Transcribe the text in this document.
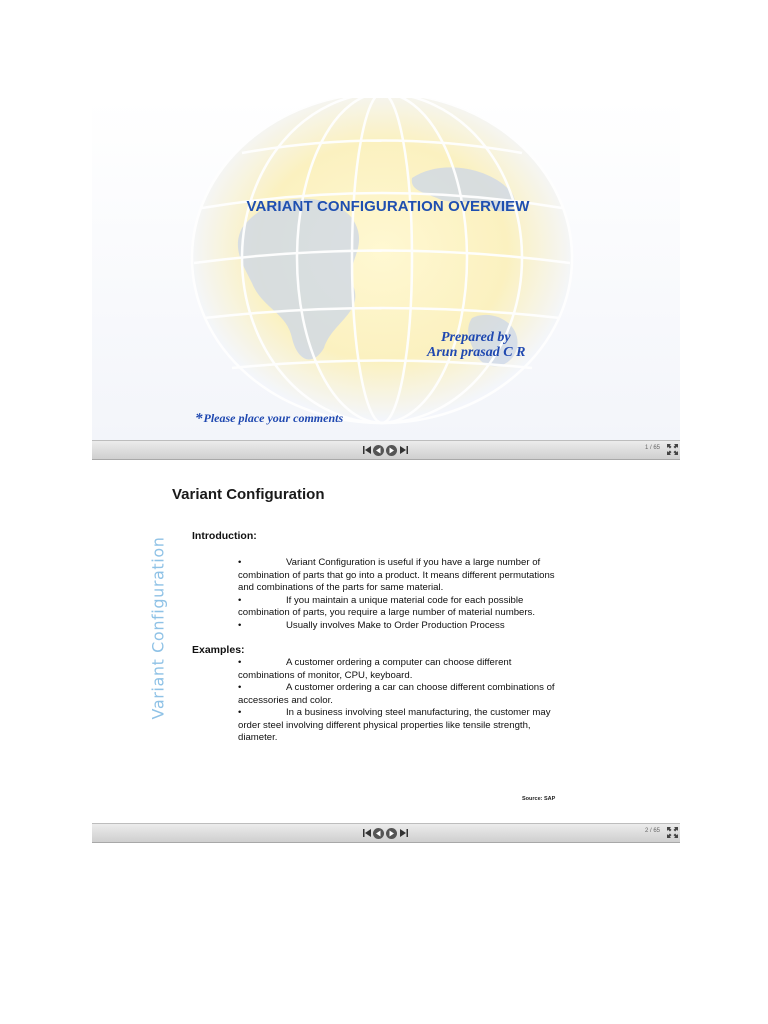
VARIANT CONFIGURATION OVERVIEW
Prepared by
Arun prasad C R
*Please place your comments
1 / 65
Variant Configuration
Variant Configuration
Introduction:
•	Variant Configuration is useful if you have a large number of
combination of parts that go into a product. It means different permutations
and combinations of the parts for same material.
•	If you maintain a unique material code for each possible
combination of parts, you require a large number of material numbers.
•	Usually involves Make to Order Production Process
Examples:
•	A customer ordering a computer can choose different
combinations of monitor, CPU, keyboard.
•	A customer ordering a car can choose different combinations of
accessories and color.
•	In a business involving steel manufacturing, the customer may
order steel involving different physical properties like tensile strength,
diameter.
Source: SAP
2 / 65
